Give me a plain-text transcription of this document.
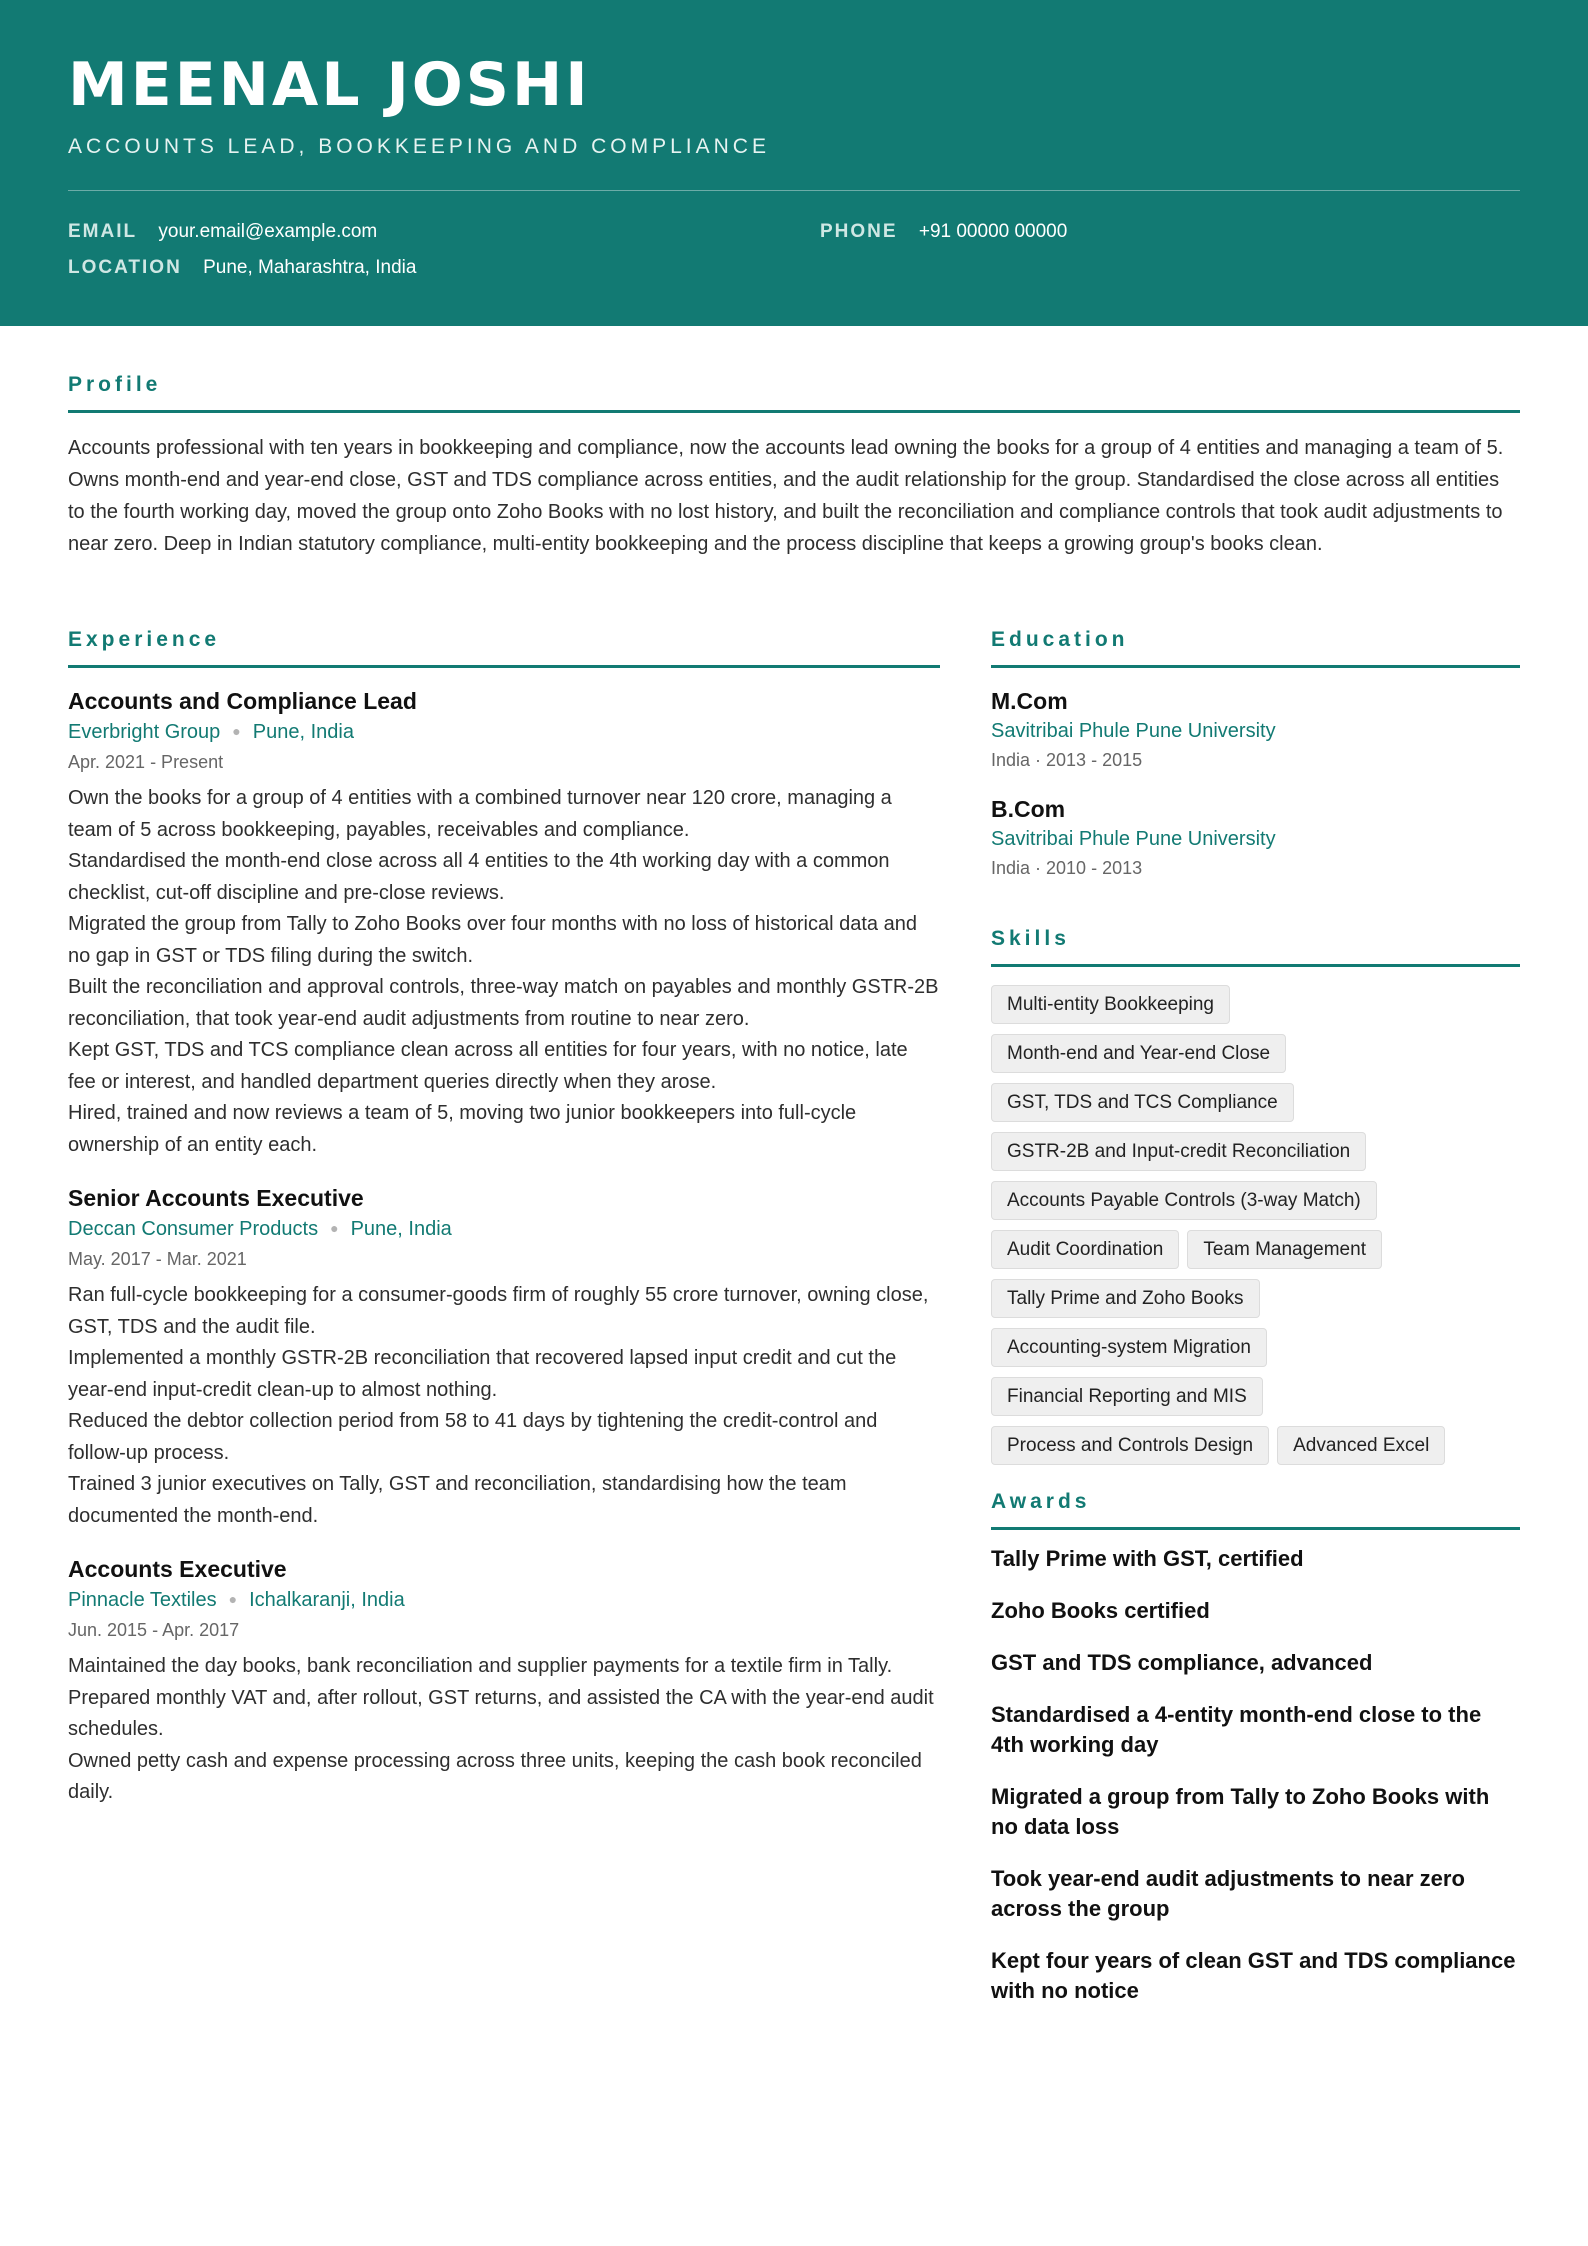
MEENAL JOSHI
ACCOUNTS LEAD, BOOKKEEPING AND COMPLIANCE
EMAIL your.email@example.com	PHONE +91 00000 00000
LOCATION Pune, Maharashtra, India
Profile
Accounts professional with ten years in bookkeeping and compliance, now the accounts lead owning the books for a group of 4 entities and managing a team of 5. Owns month-end and year-end close, GST and TDS compliance across entities, and the audit relationship for the group. Standardised the close across all entities to the fourth working day, moved the group onto Zoho Books with no lost history, and built the reconciliation and compliance controls that took audit adjustments to near zero. Deep in Indian statutory compliance, multi-entity bookkeeping and the process discipline that keeps a growing group's books clean.
Experience
Accounts and Compliance Lead
Everbright Group ● Pune, India
Apr. 2021 - Present
Own the books for a group of 4 entities with a combined turnover near 120 crore, managing a team of 5 across bookkeeping, payables, receivables and compliance.
Standardised the month-end close across all 4 entities to the 4th working day with a common checklist, cut-off discipline and pre-close reviews.
Migrated the group from Tally to Zoho Books over four months with no loss of historical data and no gap in GST or TDS filing during the switch.
Built the reconciliation and approval controls, three-way match on payables and monthly GSTR-2B reconciliation, that took year-end audit adjustments from routine to near zero.
Kept GST, TDS and TCS compliance clean across all entities for four years, with no notice, late fee or interest, and handled department queries directly when they arose.
Hired, trained and now reviews a team of 5, moving two junior bookkeepers into full-cycle ownership of an entity each.
Senior Accounts Executive
Deccan Consumer Products ● Pune, India
May. 2017 - Mar. 2021
Ran full-cycle bookkeeping for a consumer-goods firm of roughly 55 crore turnover, owning close, GST, TDS and the audit file.
Implemented a monthly GSTR-2B reconciliation that recovered lapsed input credit and cut the year-end input-credit clean-up to almost nothing.
Reduced the debtor collection period from 58 to 41 days by tightening the credit-control and follow-up process.
Trained 3 junior executives on Tally, GST and reconciliation, standardising how the team documented the month-end.
Accounts Executive
Pinnacle Textiles ● Ichalkaranji, India
Jun. 2015 - Apr. 2017
Maintained the day books, bank reconciliation and supplier payments for a textile firm in Tally.
Prepared monthly VAT and, after rollout, GST returns, and assisted the CA with the year-end audit schedules.
Owned petty cash and expense processing across three units, keeping the cash book reconciled daily.
Education
M.Com
Savitribai Phule Pune University
India · 2013 - 2015
B.Com
Savitribai Phule Pune University
India · 2010 - 2013
Skills
Multi-entity Bookkeeping
Month-end and Year-end Close
GST, TDS and TCS Compliance
GSTR-2B and Input-credit Reconciliation
Accounts Payable Controls (3-way Match)
Audit Coordination Team Management
Tally Prime and Zoho Books
Accounting-system Migration
Financial Reporting and MIS
Process and Controls Design Advanced Excel
Awards
Tally Prime with GST, certified
Zoho Books certified
GST and TDS compliance, advanced
Standardised a 4-entity month-end close to the 4th working day
Migrated a group from Tally to Zoho Books with no data loss
Took year-end audit adjustments to near zero across the group
Kept four years of clean GST and TDS compliance with no notice
